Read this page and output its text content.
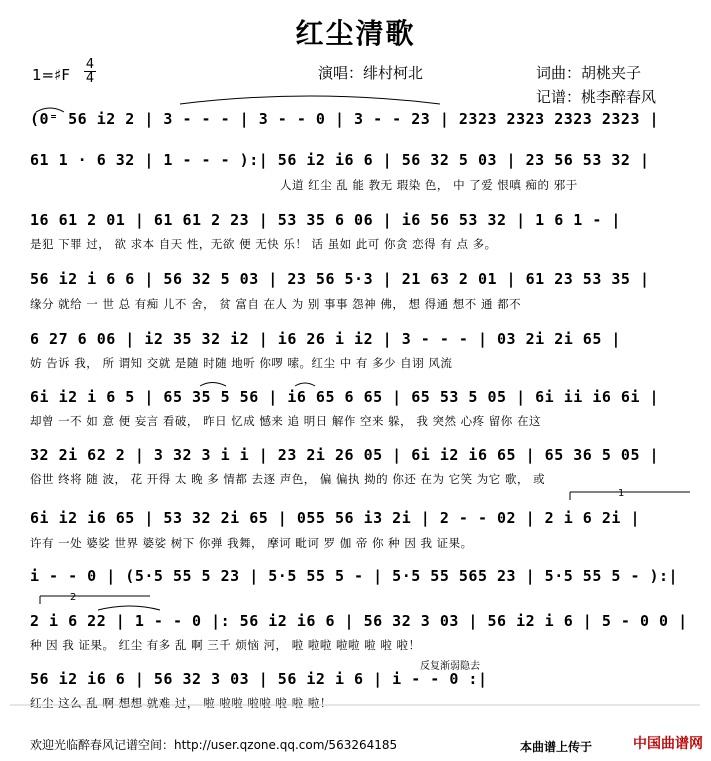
红尘清歌
1=♯F
4
4	演唱：绯村柯北	词曲：胡桃夹子
记谱：桃李醉春风
(0⁼ 56 i2 2 | 3 - - - | 3 - - 0 | 3 - - 23 | 2323 2323 2323 2323 |
61 1 · 6 32 | 1 - - - ):| 56 i2 i6 6 | 56 32 5 03 | 23 56 53 32 |
人道 红尘 乱 能 教无 瑕染 色， 中 了爱 恨嗔 痴的 邪于
16 61 2 01 | 61 61 2 23 | 53 35 6 06 | i6 56 53 32 | 1 6 1 - |
是犯 下罪 过， 欲 求本 自天 性，无欲 便 无快 乐！ 话 虽如 此可 你贪 恋得 有 点 多。
56 i2 i 6 6 | 56 32 5 03 | 23 56 5·3 | 21 63 2 01 | 61 23 53 35 |
缘分 就给 一 世 总 有痴 儿不 舍， 贫 富自 在人 为 别 事事 怨神 佛， 想 得通 想不 通 都不
6 27 6 06 | i2 35 32 i2 | i6 26 i i2 | 3 - - - | 03 2i 2i 65 |
妨 告诉 我， 所 谓知 交就 是随 时随 地听 你啰 嗦。红尘 中 有 多少 自诩 风流
6i i2 i 6 5 | 65 35 5 56 | i6 65 6 65 | 65 53 5 05 | 6i ii i6 6i |
却曾 一不 如 意 便 妄言 看破， 昨日 忆成 憾来 追 明日 解作 空来 躲， 我 突然 心疼 留你 在这
32 2i 62 2 | 3 32 3 i i | 23 2i 26 05 | 6i i2 i6 65 | 65 36 5 05 |
俗世 终将 随 波， 花 开得 太 晚 多 情都 去逐 声色， 偏 偏执 拗的 你还 在为 它笑 为它 歌， 或
1
6i i2 i6 65 | 53 32 2i 65 | 055 56 i3 2i | 2 - - 02 | 2 i 6 2i |
许有 一处 婆娑 世界 婆娑 树下 你弹 我舞， 摩诃 毗诃 罗 伽 帝 你 种 因 我 证果。
i - - 0 | (5·5 55 5 23 | 5·5 55 5 - | 5·5 55 565 23 | 5·5 55 5 - ):|
2
2 i 6 22 | 1 - - 0 |: 56 i2 i6 6 | 56 32 3 03 | 56 i2 i 6 | 5 - 0 0 |
种 因 我 证果。 红尘 有多 乱 啊 三千 烦恼 河， 啦 啦啦 啦啦 啦 啦 啦！
反复渐弱隐去
56 i2 i6 6 | 56 32 3 03 | 56 i2 i 6 | i - - 0 :|
红尘 这么 乱 啊 想想 就难 过， 啦 啦啦 啦啦 啦 啦 啦！
欢迎光临醉春风记谱空间：http://user.qzone.qq.com/563264185	本曲谱上传于	中国曲谱网
